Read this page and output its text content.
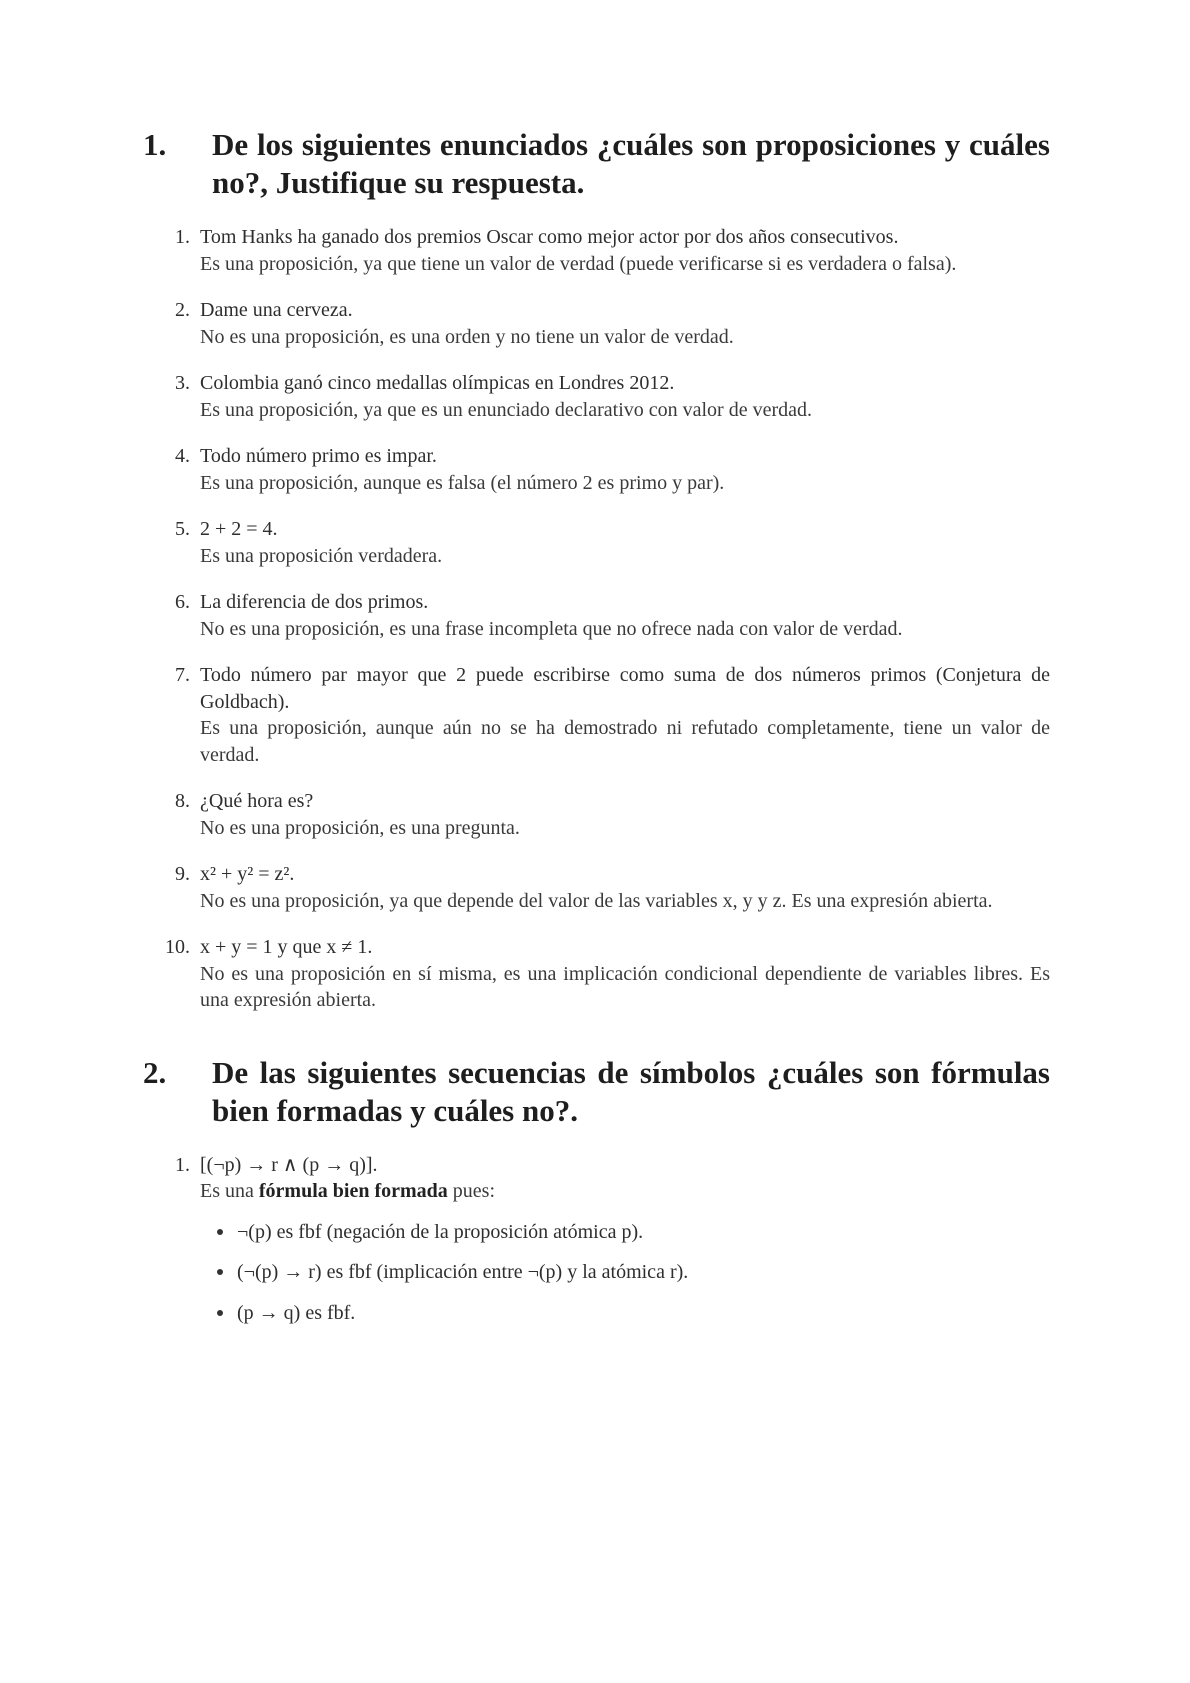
1.	De los siguientes enunciados ¿cuáles son proposiciones y cuáles no?, Justifique su respuesta.
1. Tom Hanks ha ganado dos premios Oscar como mejor actor por dos años consecutivos.
Es una proposición, ya que tiene un valor de verdad (puede verificarse si es verdadera o falsa).
2. Dame una cerveza.
No es una proposición, es una orden y no tiene un valor de verdad.
3. Colombia ganó cinco medallas olímpicas en Londres 2012.
Es una proposición, ya que es un enunciado declarativo con valor de verdad.
4. Todo número primo es impar.
Es una proposición, aunque es falsa (el número 2 es primo y par).
5. 2 + 2 = 4.
Es una proposición verdadera.
6. La diferencia de dos primos.
No es una proposición, es una frase incompleta que no ofrece nada con valor de verdad.
7. Todo número par mayor que 2 puede escribirse como suma de dos números primos (Conjetura de Goldbach).
Es una proposición, aunque aún no se ha demostrado ni refutado completamente, tiene un valor de verdad.
8. ¿Qué hora es?
No es una proposición, es una pregunta.
9. x² + y² = z².
No es una proposición, ya que depende del valor de las variables x, y y z. Es una expresión abierta.
10. x + y = 1 y que x ≠ 1.
No es una proposición en sí misma, es una implicación condicional dependiente de variables libres. Es una expresión abierta.
2.	De las siguientes secuencias de símbolos ¿cuáles son fórmulas bien formadas y cuáles no?.
1. [(¬p) → r ∧ (p → q)].
Es una fórmula bien formada pues:
¬(p) es fbf (negación de la proposición atómica p).
(¬(p) → r) es fbf (implicación entre ¬(p) y la atómica r).
(p → q) es fbf.
